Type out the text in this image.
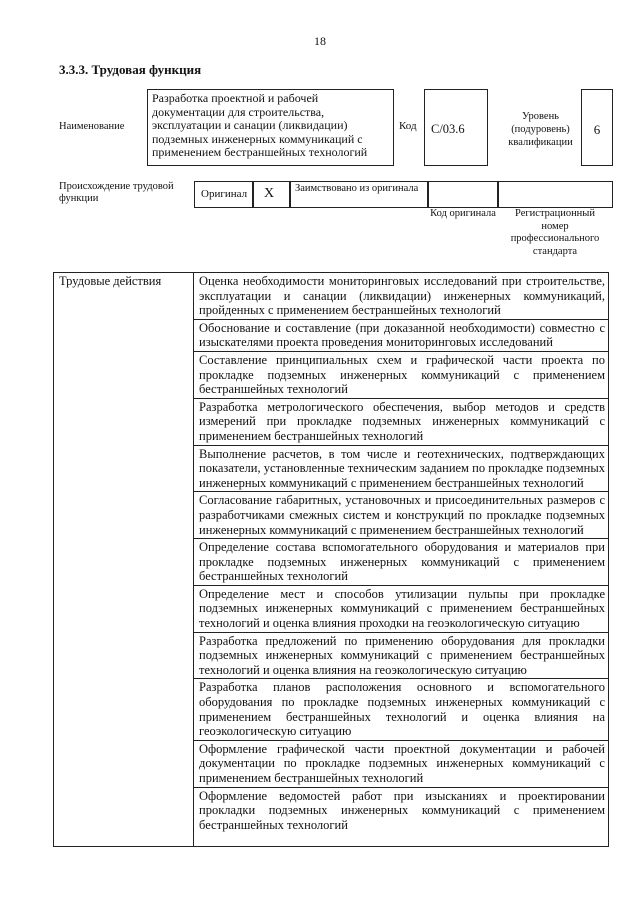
18
3.3.3. Трудовая функция
Наименование
Разработка проектной и рабочей документации для строительства, эксплуатации и санации (ликвидации) подземных инженерных коммуникаций с применением бестраншейных технологий
Код	С/03.6
Уровень (подуровень) квалификации
6
Происхождение трудовой функции	Оригинал	X	Заимствовано из оригинала
Код оригинала	Регистрационный номер профессионального стандарта
Трудовые действия	Оценка необходимости мониторинговых исследований при строительстве, эксплуатации и санации (ликвидации) инженерных коммуникаций, пройденных с применением бестраншейных технологий
Обоснование и составление (при доказанной необходимости) совместно с изыскателями проекта проведения мониторинговых исследований
Составление принципиальных схем и графической части проекта по прокладке подземных инженерных коммуникаций с применением бестраншейных технологий
Разработка метрологического обеспечения, выбор методов и средств измерений при прокладке подземных инженерных коммуникаций с применением бестраншейных технологий
Выполнение расчетов, в том числе и геотехнических, подтверждающих показатели, установленные техническим заданием по прокладке подземных инженерных коммуникаций с применением бестраншейных технологий
Согласование габаритных, установочных и присоединительных размеров с разработчиками смежных систем и конструкций по прокладке подземных инженерных коммуникаций с применением бестраншейных технологий
Определение состава вспомогательного оборудования и материалов при прокладке подземных инженерных коммуникаций с применением бестраншейных технологий
Определение мест и способов утилизации пульпы при прокладке подземных инженерных коммуникаций с применением бестраншейных технологий и оценка влияния проходки на геоэкологическую ситуацию
Разработка предложений по применению оборудования для прокладки подземных инженерных коммуникаций с применением бестраншейных технологий и оценка влияния на геоэкологическую ситуацию
Разработка планов расположения основного и вспомогательного оборудования по прокладке подземных инженерных коммуникаций с применением бестраншейных технологий и оценка влияния на геоэкологическую ситуацию
Оформление графической части проектной документации и рабочей документации по прокладке подземных инженерных коммуникаций с применением бестраншейных технологий
Оформление ведомостей работ при изысканиях и проектировании прокладки подземных инженерных коммуникаций с применением бестраншейных технологий
